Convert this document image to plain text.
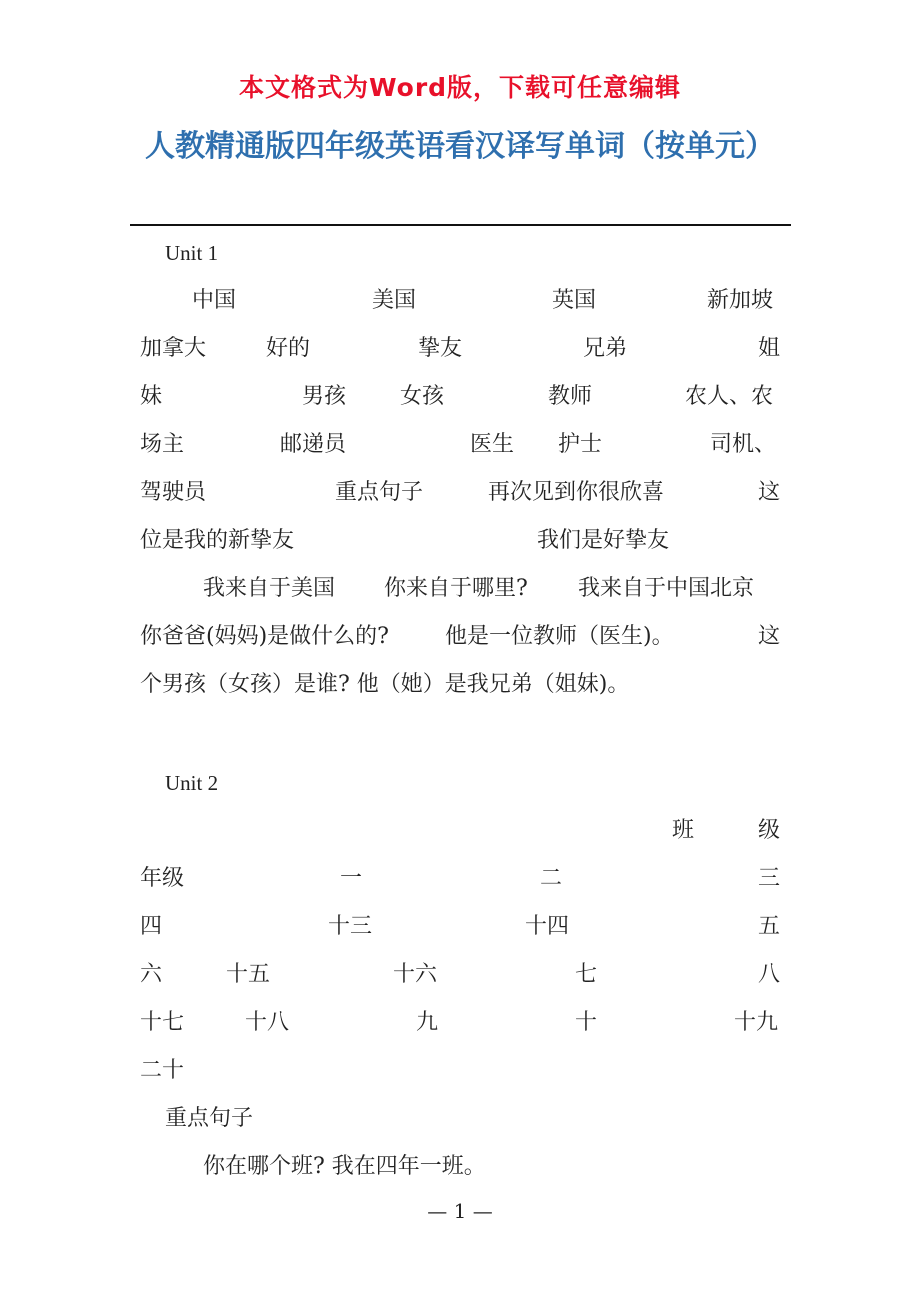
本文格式为Word版，下载可任意编辑
人教精通版四年级英语看汉译写单词（按单元）
Unit 1
中国	美国	英国	新加坡
加拿大	好的	挚友	兄弟	姐
妹	男孩 女孩	教师	农人、农
场主	邮递员	医生 护士	司机、
驾驶员	重点句子	再次见到你很欣喜	这
位是我的新挚友	我们是好挚友
我来自于美国 你来自于哪里? 我来自于中国北京
你爸爸(妈妈)是做什么的?	他是一位教师（医生)。	这
个男孩（女孩）是谁? 他（她）是我兄弟（姐妹)。
Unit 2
班	级
年级	一	二	三
四	十三	十四	五
六	十五	十六	七	八
十七	十八	九	十	十九
二十
重点句子
你在哪个班? 我在四年一班。
— 1 —
